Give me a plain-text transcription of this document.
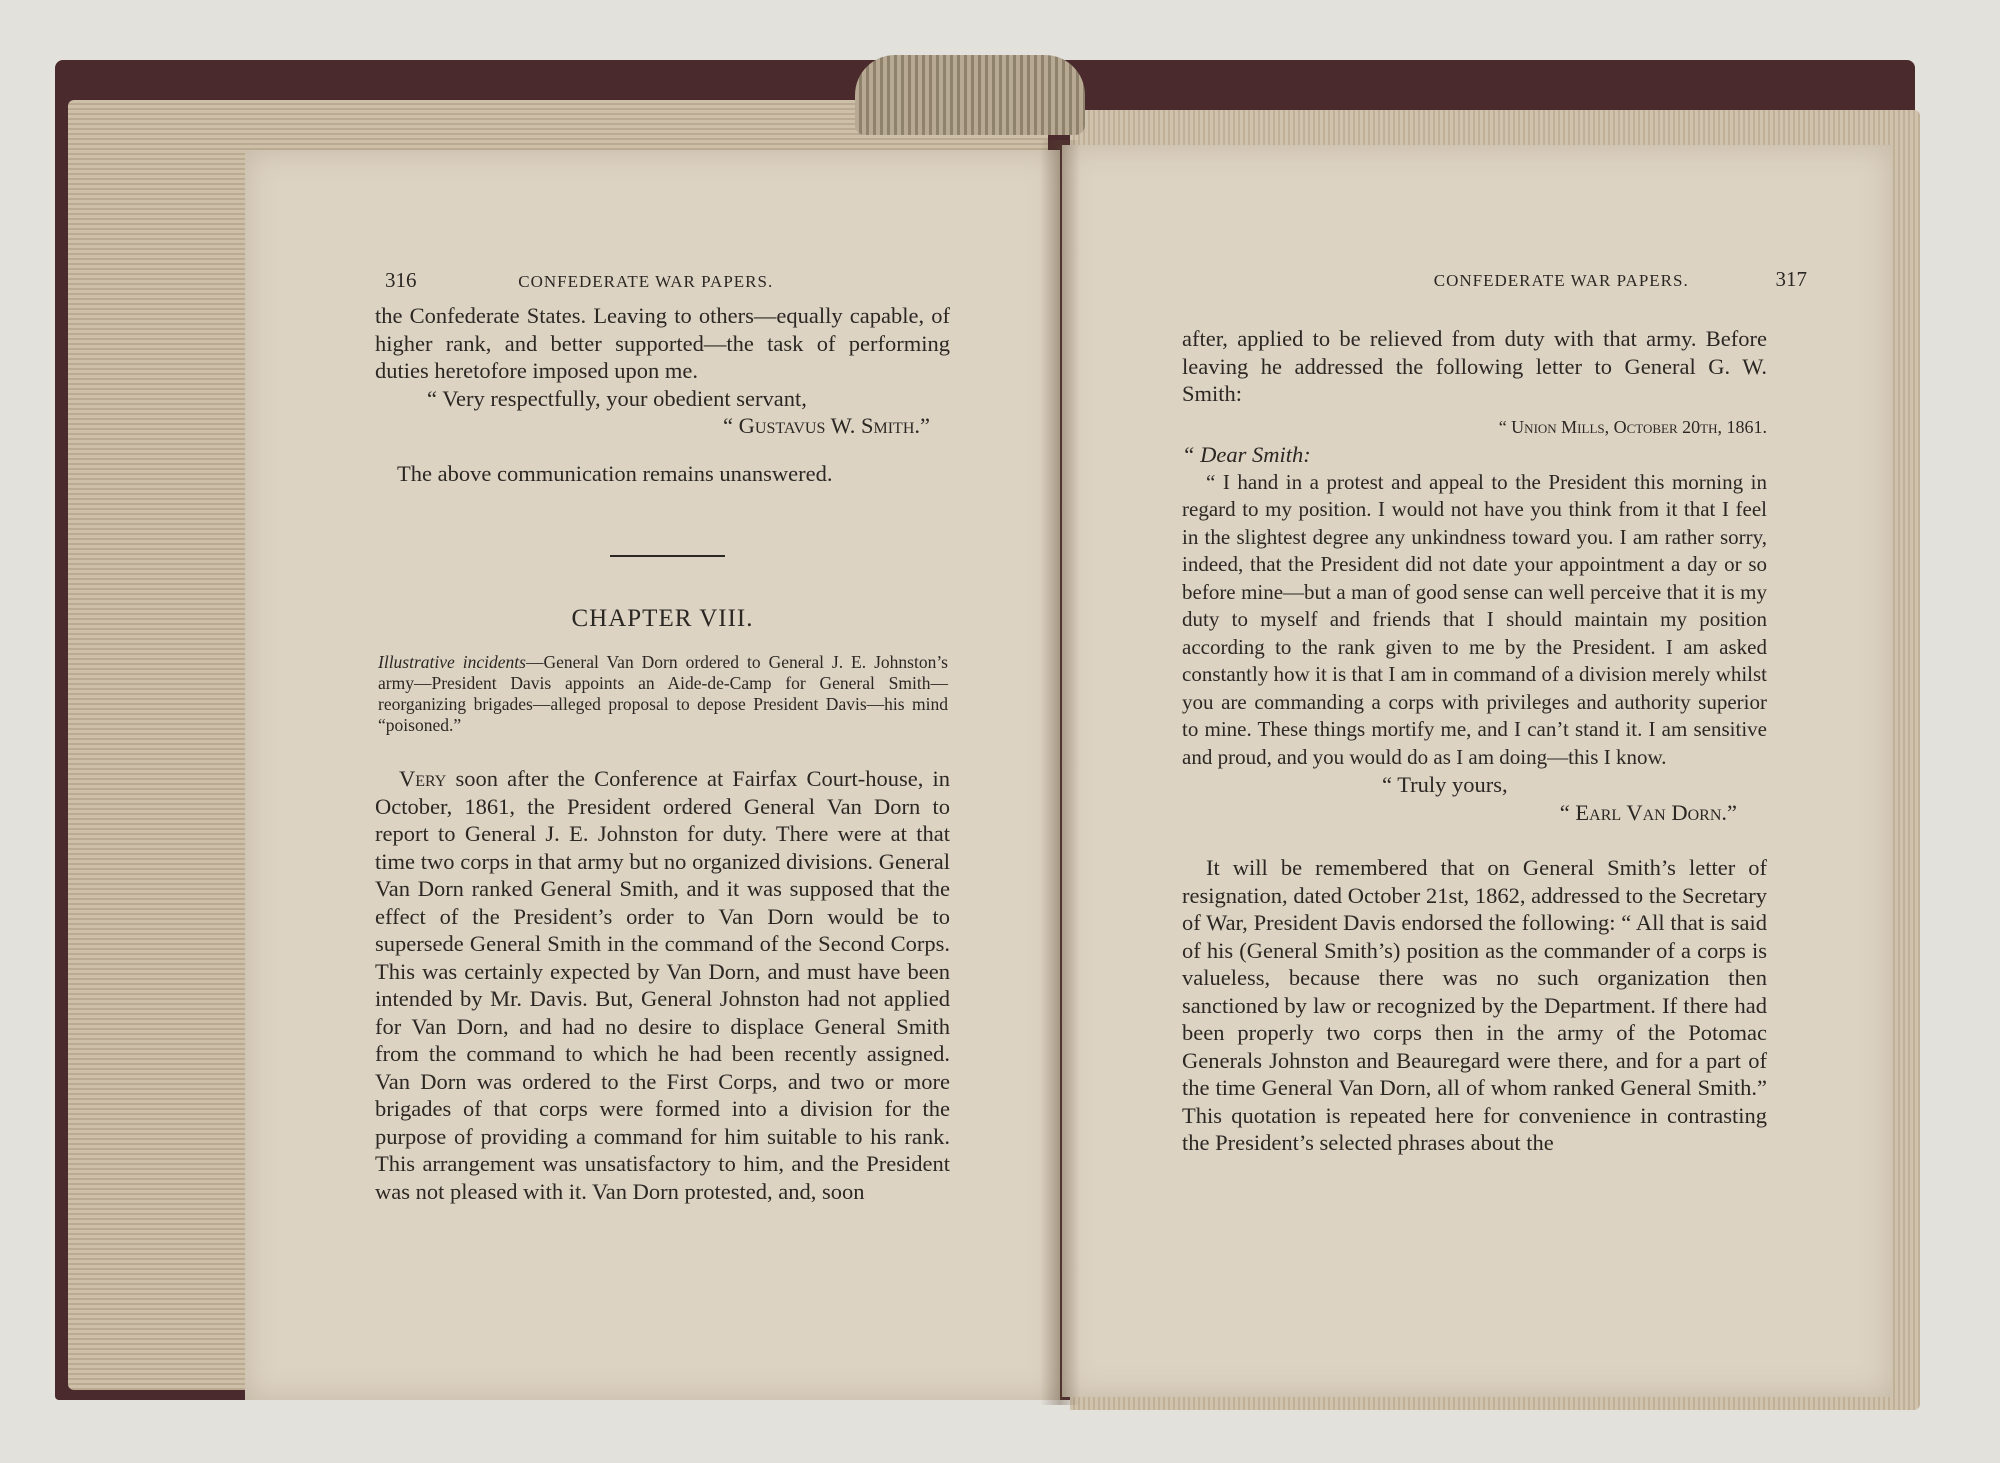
316	CONFEDERATE WAR PAPERS.

the Confederate States. Leaving to others—equally capable, of higher rank, and better supported—the task of performing duties heretofore imposed upon me.

“ Very respectfully, your obedient servant,

“ Gustavus W. Smith.”

The above communication remains unanswered.

CHAPTER VIII.
Illustrative incidents—General Van Dorn ordered to General J. E. Johnston’s army—President Davis appoints an Aide-de-Camp for General Smith—reorganizing brigades—alleged proposal to depose President Davis—his mind “poisoned.”

Very soon after the Conference at Fairfax Court-house, in October, 1861, the President ordered General Van Dorn to report to General J. E. Johnston for duty. There were at that time two corps in that army but no organized divisions. General Van Dorn ranked General Smith, and it was supposed that the effect of the President’s order to Van Dorn would be to supersede General Smith in the command of the Second Corps. This was certainly expected by Van Dorn, and must have been intended by Mr. Davis. But, General Johnston had not applied for Van Dorn, and had no desire to displace General Smith from the command to which he had been recently assigned. Van Dorn was ordered to the First Corps, and two or more brigades of that corps were formed into a division for the purpose of providing a command for him suitable to his rank. This arrangement was unsatisfactory to him, and the President was not pleased with it. Van Dorn protested, and, soon

CONFEDERATE WAR PAPERS.	317

after, applied to be relieved from duty with that army. Before leaving he addressed the following letter to General G. W. Smith:

“ Union Mills, October 20th, 1861.

“ Dear Smith:

“ I hand in a protest and appeal to the President this morning in regard to my position. I would not have you think from it that I feel in the slightest degree any unkindness toward you. I am rather sorry, indeed, that the President did not date your appointment a day or so before mine—but a man of good sense can well perceive that it is my duty to myself and friends that I should maintain my position according to the rank given to me by the President. I am asked constantly how it is that I am in command of a division merely whilst you are commanding a corps with privileges and authority superior to mine. These things mortify me, and I can’t stand it. I am sensitive and proud, and you would do as I am doing—this I know.

“ Truly yours,

“ Earl Van Dorn.”

It will be remembered that on General Smith’s letter of resignation, dated October 21st, 1862, addressed to the Secretary of War, President Davis endorsed the following: “ All that is said of his (General Smith’s) position as the commander of a corps is valueless, because there was no such organization then sanctioned by law or recognized by the Department. If there had been properly two corps then in the army of the Potomac Generals Johnston and Beauregard were there, and for a part of the time General Van Dorn, all of whom ranked General Smith.” This quotation is repeated here for convenience in contrasting the President’s selected phrases about the
